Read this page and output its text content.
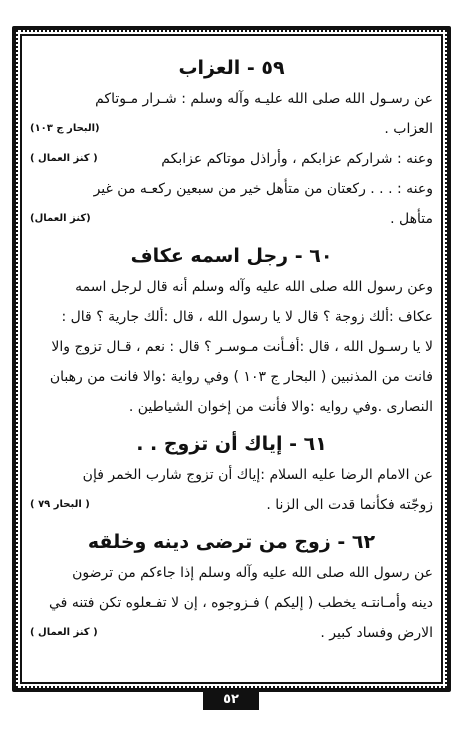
٥٩ - العزاب

عن رسـول الله صلى الله عليـه وآله وسلم : شـرار مـوتاكم

العزاب .
(البحار ج ١٠٣)

وعنه : شراركم عزابكم ، وأراذل موتاكم عزابكم
( كنز العمال )

وعنه : . . . ركعتان من متأهل خير من سبعين ركعـه من غير

متأهل .
(كنز العمال)

٦٠ - رجل اسمه عكاف

وعن رسول الله صلى الله عليه وآله وسلم أنه قال لرجل اسمه

عكاف :ألك زوجة ؟ قال لا يا رسول الله ، قال :ألك جارية ؟ قال :

لا يا رسـول الله ، قال :أفـأنت مـوسـر ؟ قال : نعم ، قـال تزوج والا

فانت من المذنبين ( البحار ج ١٠٣ ) وفي رواية :والا فانت من رهبان

النصارى .وفي روايه :والا فأنت من إخوان الشياطين .

٦١ - إياك أن تزوج . .

عن الامام الرضا عليه السلام :إياك أن تزوج شارب الخمر فإن

زوجّته فكأنما قدت الى الزنا .
( البحار ٧٩ )

٦٢ - زوج من ترضى دينه وخلقه

عن رسول الله صلى الله عليه وآله وسلم إذا جاءكم من ترضون

دينه وأمـانتـه يخطب ( إليكم ) فـزوجوه ، إن لا تفـعلوه تكن فتنه في

الارض وفساد كبير .
( كنز العمال )

٥٢
